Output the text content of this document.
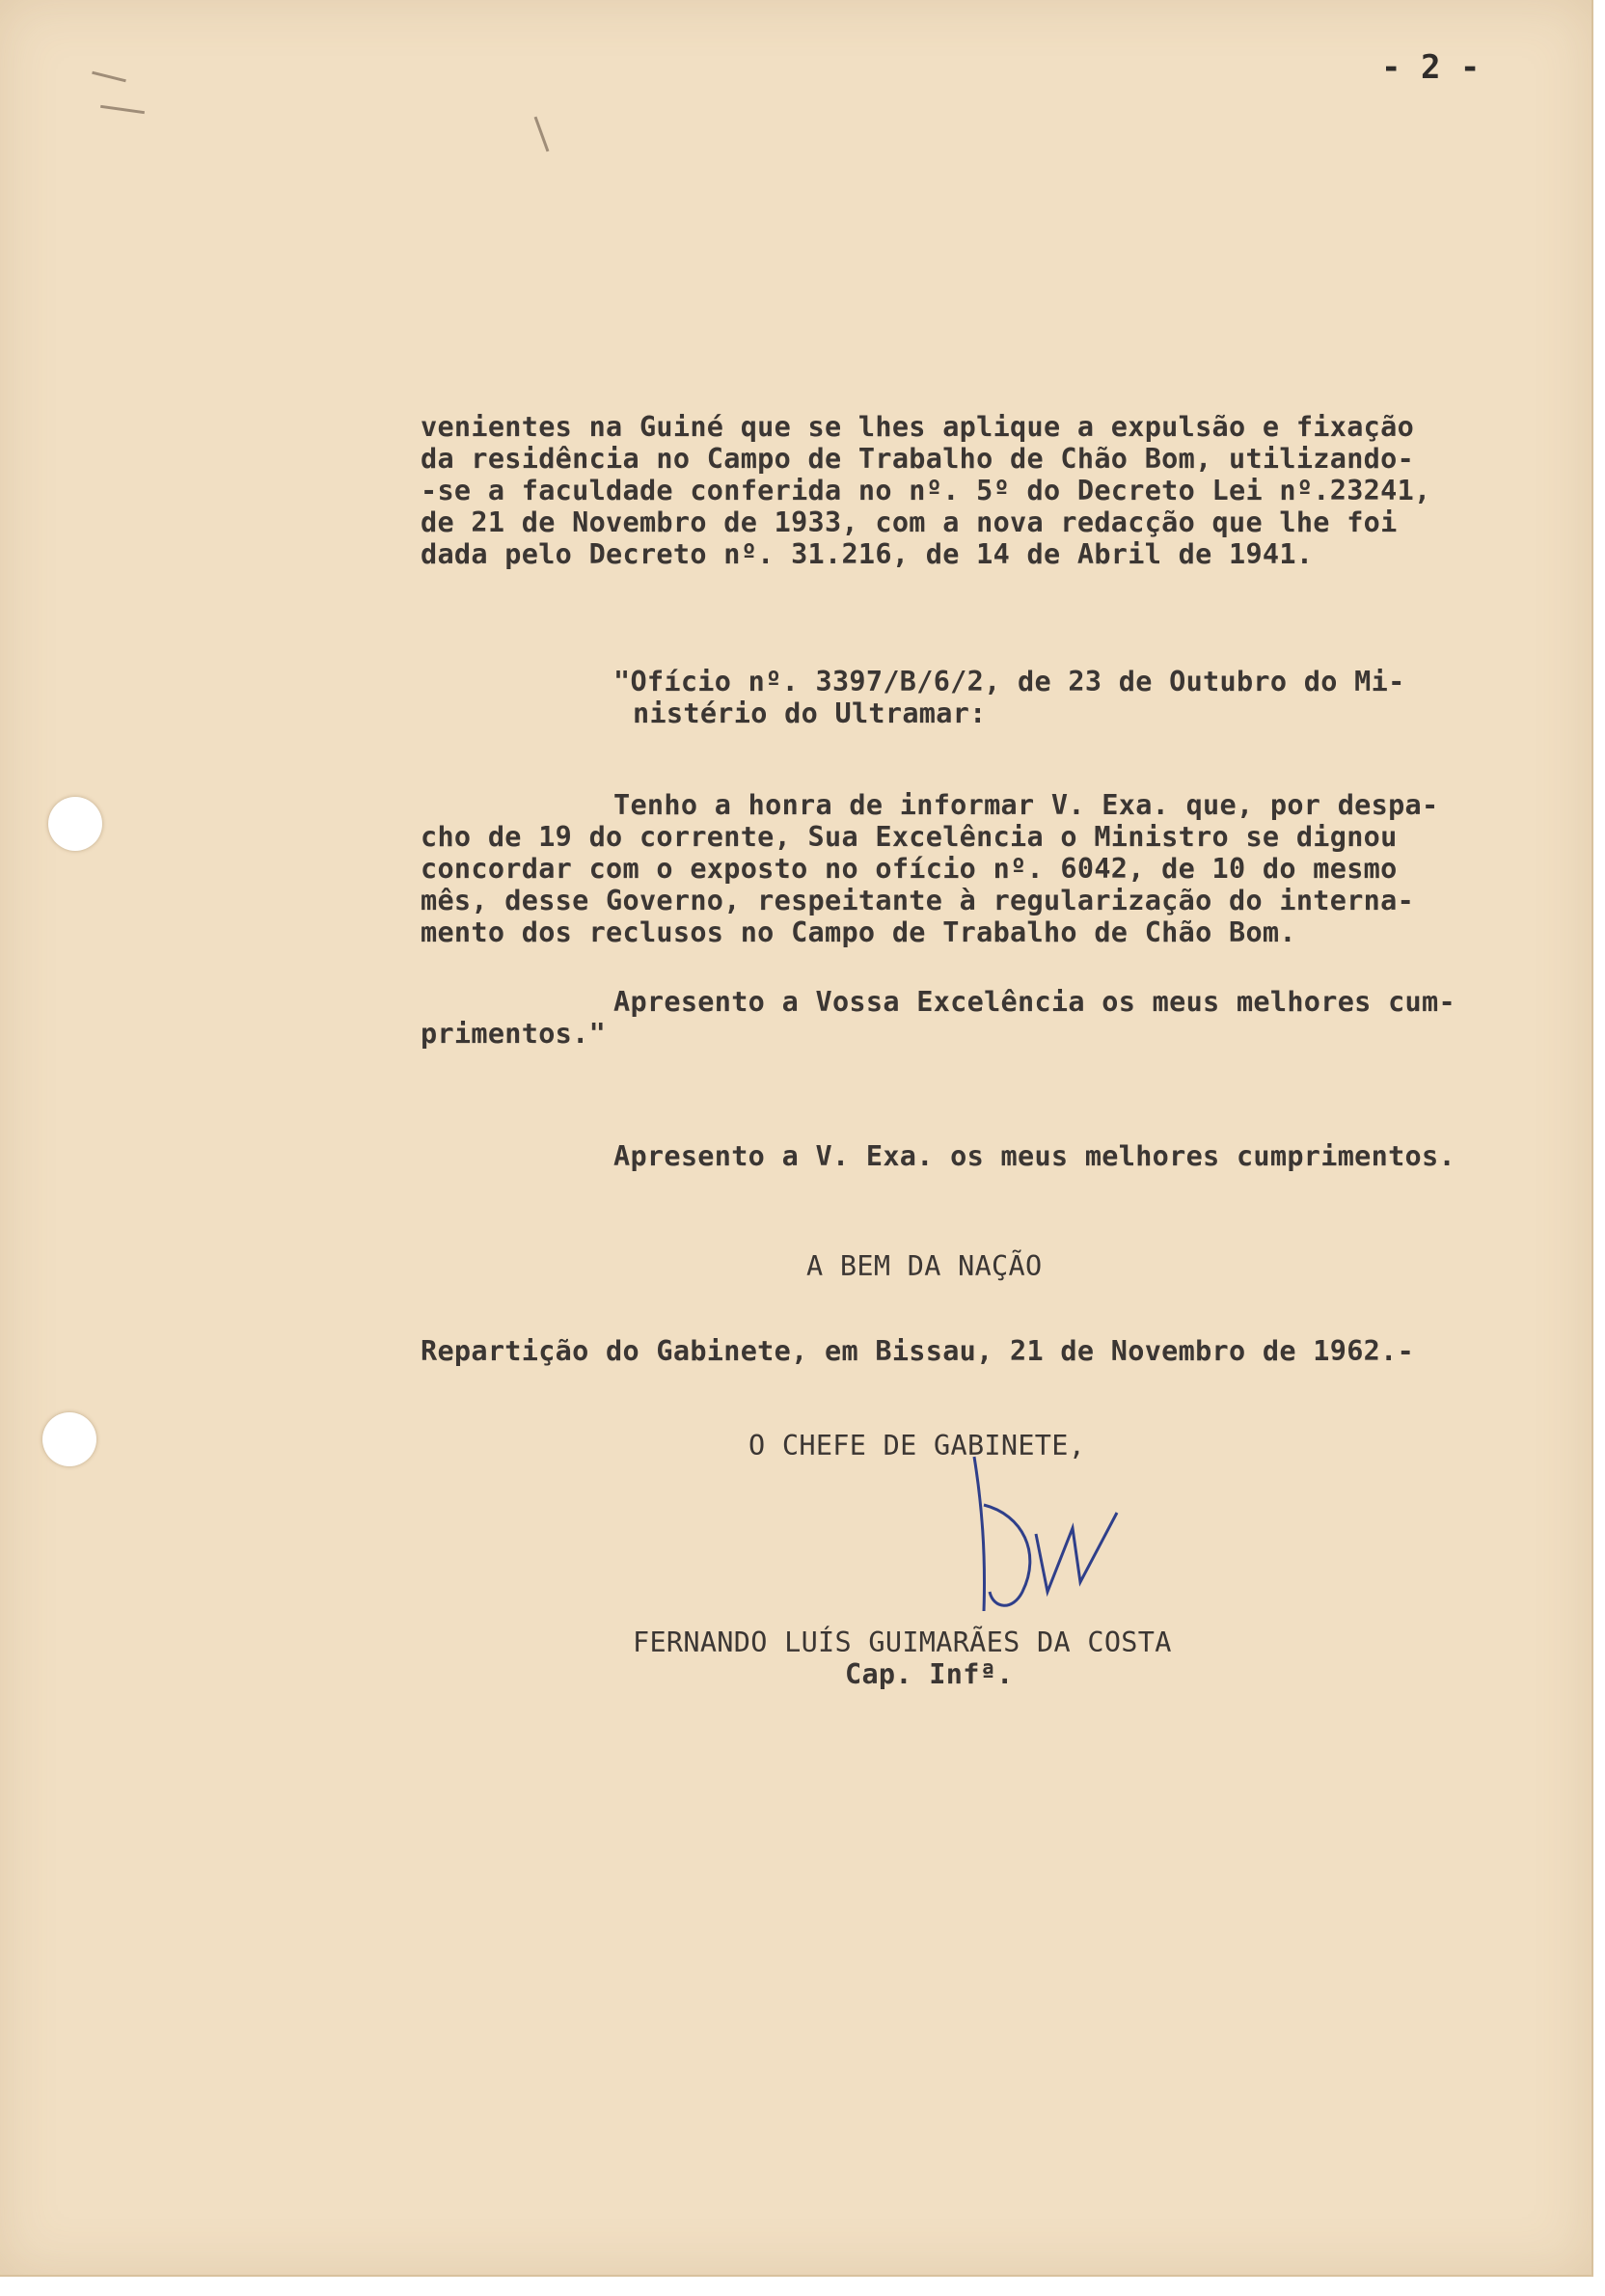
- 2 -
venientes na Guiné que se lhes aplique a expulsão e fixação
da residência no Campo de Trabalho de Chão Bom, utilizando-
-se a faculdade conferida no nº. 5º do Decreto Lei nº.23241,
de 21 de Novembro de 1933, com a nova redacção que lhe foi
dada pelo Decreto nº. 31.216, de 14 de Abril de 1941.
"Ofício nº. 3397/B/6/2, de 23 de Outubro do Mi-
nistério do Ultramar:
Tenho a honra de informar V. Exa. que, por despa-
cho de 19 do corrente, Sua Excelência o Ministro se dignou
concordar com o exposto no ofício nº. 6042, de 10 do mesmo
mês, desse Governo, respeitante à regularização do interna-
mento dos reclusos no Campo de Trabalho de Chão Bom.
Apresento a Vossa Excelência os meus melhores cum-
primentos."
Apresento a V. Exa. os meus melhores cumprimentos.
A BEM DA NAÇÃO
Repartição do Gabinete, em Bissau, 21 de Novembro de 1962.-
O CHEFE DE GABINETE,
FERNANDO LUÍS GUIMARÃES DA COSTA
Cap. Infª.
